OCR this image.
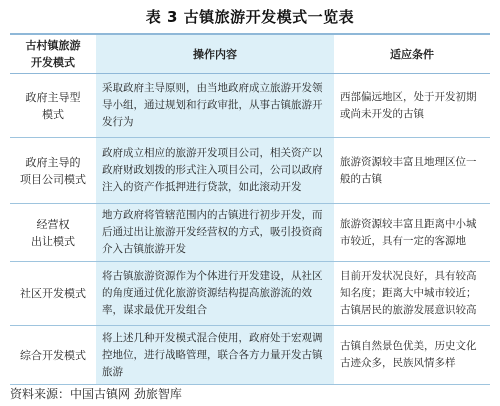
表 3 古镇旅游开发模式一览表
古村镇旅游
开发模式
操作内容	适应条件
政府主导型
模式
采取政府主导原则，由当地政府成立旅游开发领导小组，通过规划和行政审批，从事古镇旅游开发行为
西部偏远地区，处于开发初期或尚未开发的古镇
政府主导的
项目公司模式
政府成立相应的旅游开发项目公司，相关资产以政府财政划拨的形式注入项目公司，公司以政府注入的资产作抵押进行贷款，如此滚动开发
旅游资源较丰富且地理区位一般的古镇
经营权
出让模式
地方政府将管辖范围内的古镇进行初步开发，而后通过出让旅游开发经营权的方式，吸引投资商介入古镇旅游开发
旅游资源较丰富且距离中小城市较近，具有一定的客源地
社区开发模式
将古镇旅游资源作为个体进行开发建设，从社区的角度通过优化旅游资源结构提高旅游流的效率，谋求最优开发组合
目前开发状况良好，具有较高知名度；距离大中城市较近；古镇居民的旅游发展意识较高
综合开发模式
将上述几种开发模式混合使用，政府处于宏观调控地位，进行战略管理，联合各方力量开发古镇旅游
古镇自然景色优美，历史文化古迹众多，民族风情多样
资料来源：中国古镇网 劲旅智库
